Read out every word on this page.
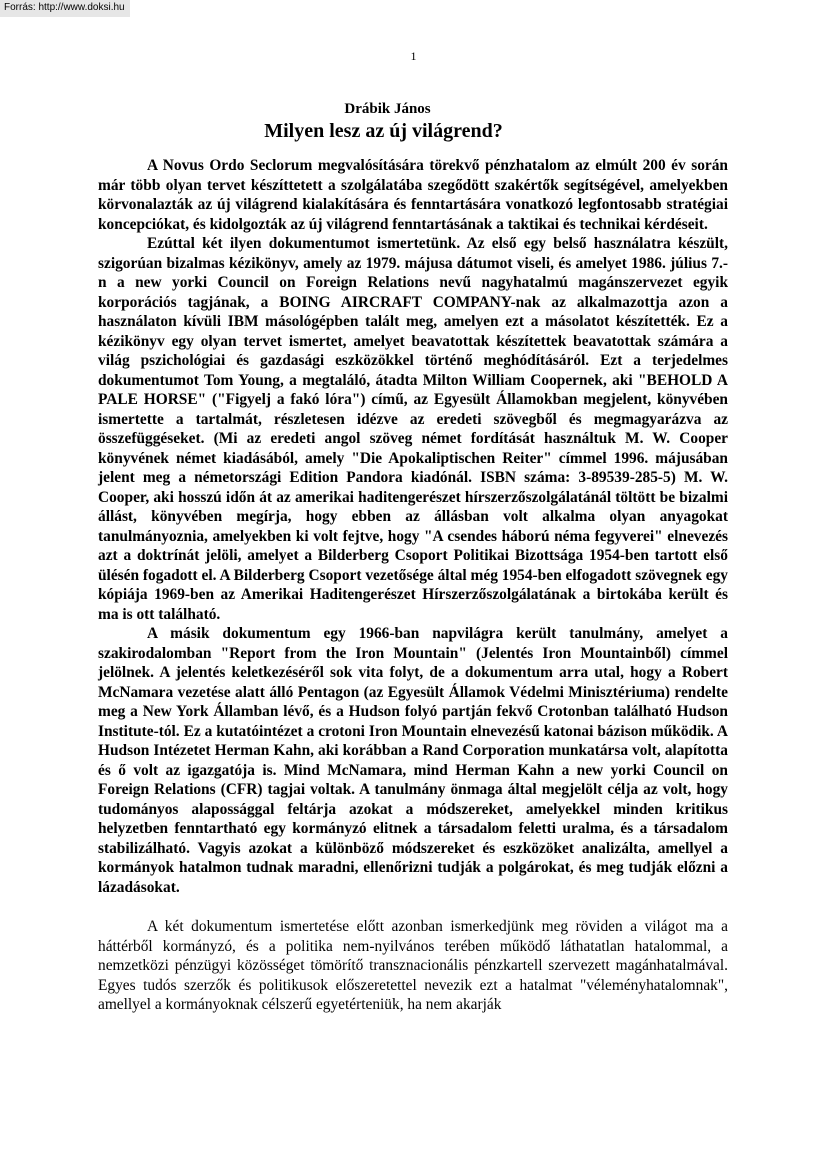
Forrás: http://www.doksi.hu
1
Drábik János
Milyen lesz az új világrend?

A Novus Ordo Seclorum megvalósítására törekvő pénzhatalom az elmúlt 200 év során már több olyan tervet készíttetett a szolgálatába szegődött szakértők segítségével, amelyekben körvonalazták az új világrend kialakítására és fenntartására vonatkozó legfontosabb stratégiai koncepciókat, és kidolgozták az új világrend fenntartásának a taktikai és technikai kérdéseit.

Ezúttal két ilyen dokumentumot ismertetünk. Az első egy belső használatra készült, szigorúan bizalmas kézikönyv, amely az 1979. májusa dátumot viseli, és amelyet 1986. július 7.-n a new yorki Council on Foreign Relations nevű nagyhatalmú magánszervezet egyik korporációs tagjának, a BOING AIRCRAFT COMPANY-nak az alkalmazottja azon a használaton kívüli IBM másológépben talált meg, amelyen ezt a másolatot készítették. Ez a kézikönyv egy olyan tervet ismertet, amelyet beavatottak készítettek beavatottak számára a világ pszichológiai és gazdasági eszközökkel történő meghódításáról. Ezt a terjedelmes dokumentumot Tom Young, a megtaláló, átadta Milton William Coopernek, aki "BEHOLD A PALE HORSE" ("Figyelj a fakó lóra") című, az Egyesült Államokban megjelent, könyvében ismertette a tartalmát, részletesen idézve az eredeti szövegből és megmagyarázva az összefüggéseket. (Mi az eredeti angol szöveg német fordítását használtuk M. W. Cooper könyvének német kiadásából, amely "Die Apokaliptischen Reiter" címmel 1996. májusában jelent meg a németországi Edition Pandora kiadónál. ISBN száma: 3-89539-285-5) M. W. Cooper, aki hosszú időn át az amerikai haditengerészet hírszerzőszolgálatánál töltött be bizalmi állást, könyvében megírja, hogy ebben az állásban volt alkalma olyan anyagokat tanulmányoznia, amelyekben ki volt fejtve, hogy "A csendes háború néma fegyverei" elnevezés azt a doktrínát jelöli, amelyet a Bilderberg Csoport Politikai Bizottsága 1954-ben tartott első ülésén fogadott el. A Bilderberg Csoport vezetősége által még 1954-ben elfogadott szövegnek egy kópiája 1969-ben az Amerikai Haditengerészet Hírszerzőszolgálatának a birtokába került és ma is ott található.

A másik dokumentum egy 1966-ban napvilágra került tanulmány, amelyet a szakirodalomban "Report from the Iron Mountain" (Jelentés Iron Mountainből) címmel jelölnek. A jelentés keletkezéséről sok vita folyt, de a dokumentum arra utal, hogy a Robert McNamara vezetése alatt álló Pentagon (az Egyesült Államok Védelmi Minisztériuma) rendelte meg a New York Államban lévő, és a Hudson folyó partján fekvő Crotonban található Hudson Institute-tól. Ez a kutatóintézet a crotoni Iron Mountain elnevezésű katonai bázison működik. A Hudson Intézetet Herman Kahn, aki korábban a Rand Corporation munkatársa volt, alapította és ő volt az igazgatója is. Mind McNamara, mind Herman Kahn a new yorki Council on Foreign Relations (CFR) tagjai voltak. A tanulmány önmaga által megjelölt célja az volt, hogy tudományos alapossággal feltárja azokat a módszereket, amelyekkel minden kritikus helyzetben fenntartható egy kormányzó elitnek a társadalom feletti uralma, és a társadalom stabilizálható. Vagyis azokat a különböző módszereket és eszközöket analizálta, amellyel a kormányok hatalmon tudnak maradni, ellenőrizni tudják a polgárokat, és meg tudják előzni a lázadásokat.

A két dokumentum ismertetése előtt azonban ismerkedjünk meg röviden a világot ma a háttérből kormányzó, és a politika nem-nyilvános terében működő láthatatlan hatalommal, a nemzetközi pénzügyi közösséget tömörítő transznacionális pénzkartell szervezett magánhatalmával. Egyes tudós szerzők és politikusok előszeretettel nevezik ezt a hatalmat "véleményhatalomnak", amellyel a kormányoknak célszerű egyetérteniük, ha nem akarják
